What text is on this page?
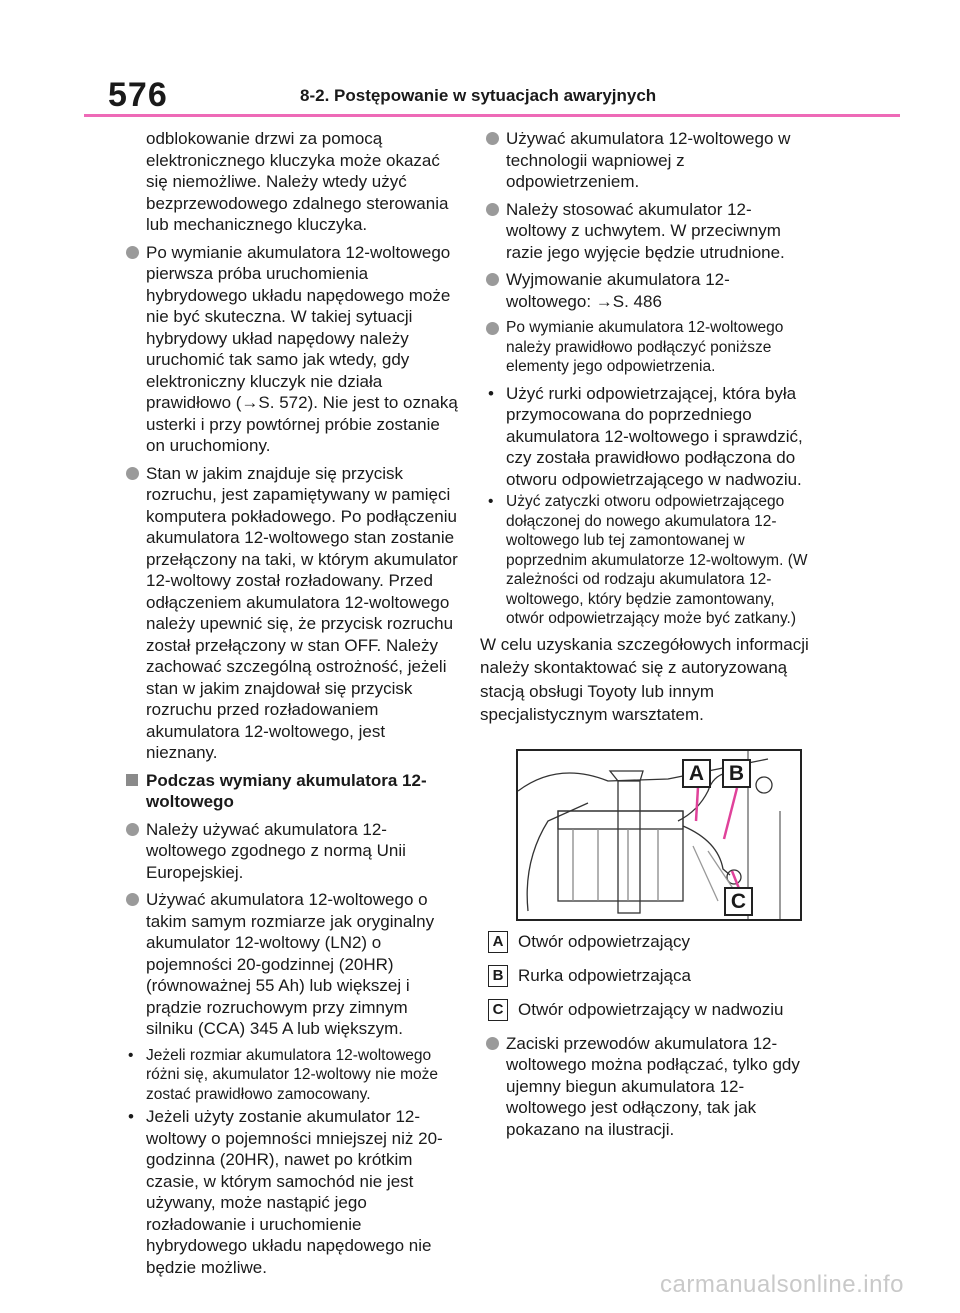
576	8-2. Postępowanie w sytuacjach awaryjnych

odblokowanie drzwi za pomocą elektronicznego kluczyka może okazać się niemożliwe. Należy wtedy użyć bezprzewodowego zdalnego sterowania lub mechanicznego kluczyka.

Po wymianie akumulatora 12-woltowego pierwsza próba uruchomienia hybrydowego układu napędowego może nie być skuteczna. W takiej sytuacji hybrydowy układ napędowy należy uruchomić tak samo jak wtedy, gdy elektroniczny kluczyk nie działa prawidłowo (→S. 572). Nie jest to oznaką usterki i przy powtórnej próbie zostanie on uruchomiony.
Stan w jakim znajduje się przycisk rozruchu, jest zapamiętywany w pamięci komputera pokładowego. Po podłączeniu akumulatora 12-woltowego stan zostanie przełączony na taki, w którym akumulator 12-woltowy został rozładowany. Przed odłączeniem akumulatora 12-woltowego należy upewnić się, że przycisk rozruchu został przełączony w stan OFF. Należy zachować szczególną ostrożność, jeżeli stan w jakim znajdował się przycisk rozruchu przed rozładowaniem akumulatora 12-woltowego, jest nieznany.
Podczas wymiany akumulatora 12-woltowego
Należy używać akumulatora 12-woltowego zgodnego z normą Unii Europejskiej.
Używać akumulatora 12-woltowego o takim samym rozmiarze jak oryginalny akumulator 12-woltowy (LN2) o pojemności 20-godzinnej (20HR) (równoważnej 55 Ah) lub większej i prądzie rozruchowym przy zimnym silniku (CCA) 345 A lub większym.
• Jeżeli rozmiar akumulatora 12-woltowego różni się, akumulator 12-woltowy nie może zostać prawidłowo zamocowany.
• Jeżeli użyty zostanie akumulator 12-woltowy o pojemności mniejszej niż 20-godzinna (20HR), nawet po krótkim czasie, w którym samochód nie jest używany, może nastąpić jego rozładowanie i uruchomienie hybrydowego układu napędowego nie będzie możliwe.
Używać akumulatora 12-woltowego w technologii wapniowej z odpowietrzeniem.
Należy stosować akumulator 12-woltowy z uchwytem. W przeciwnym razie jego wyjęcie będzie utrudnione.
Wyjmowanie akumulatora 12-woltowego: →S. 486
Po wymianie akumulatora 12-woltowego należy prawidłowo podłączyć poniższe elementy jego odpowietrzenia.
• Użyć rurki odpowietrzającej, która była przymocowana do poprzedniego akumulatora 12-woltowego i sprawdzić, czy została prawidłowo podłączona do otworu odpowietrzającego w nadwoziu.
• Użyć zatyczki otworu odpowietrzającego dołączonej do nowego akumulatora 12-woltowego lub tej zamontowanej w poprzednim akumulatorze 12-woltowym. (W zależności od rodzaju akumulatora 12-woltowego, który będzie zamontowany, otwór odpowietrzający może być zatkany.)

W celu uzyskania szczegółowych informacji należy skontaktować się z autoryzowaną stacją obsługi Toyoty lub innym specjalistycznym warsztatem.

A	B
C
A Otwór odpowietrzający
B Rurka odpowietrzająca
C Otwór odpowietrzający w nadwoziu
Zaciski przewodów akumulatora 12-woltowego można podłączać, tylko gdy ujemny biegun akumulatora 12-woltowego jest odłączony, tak jak pokazano na ilustracji.
carmanualsonline.info
